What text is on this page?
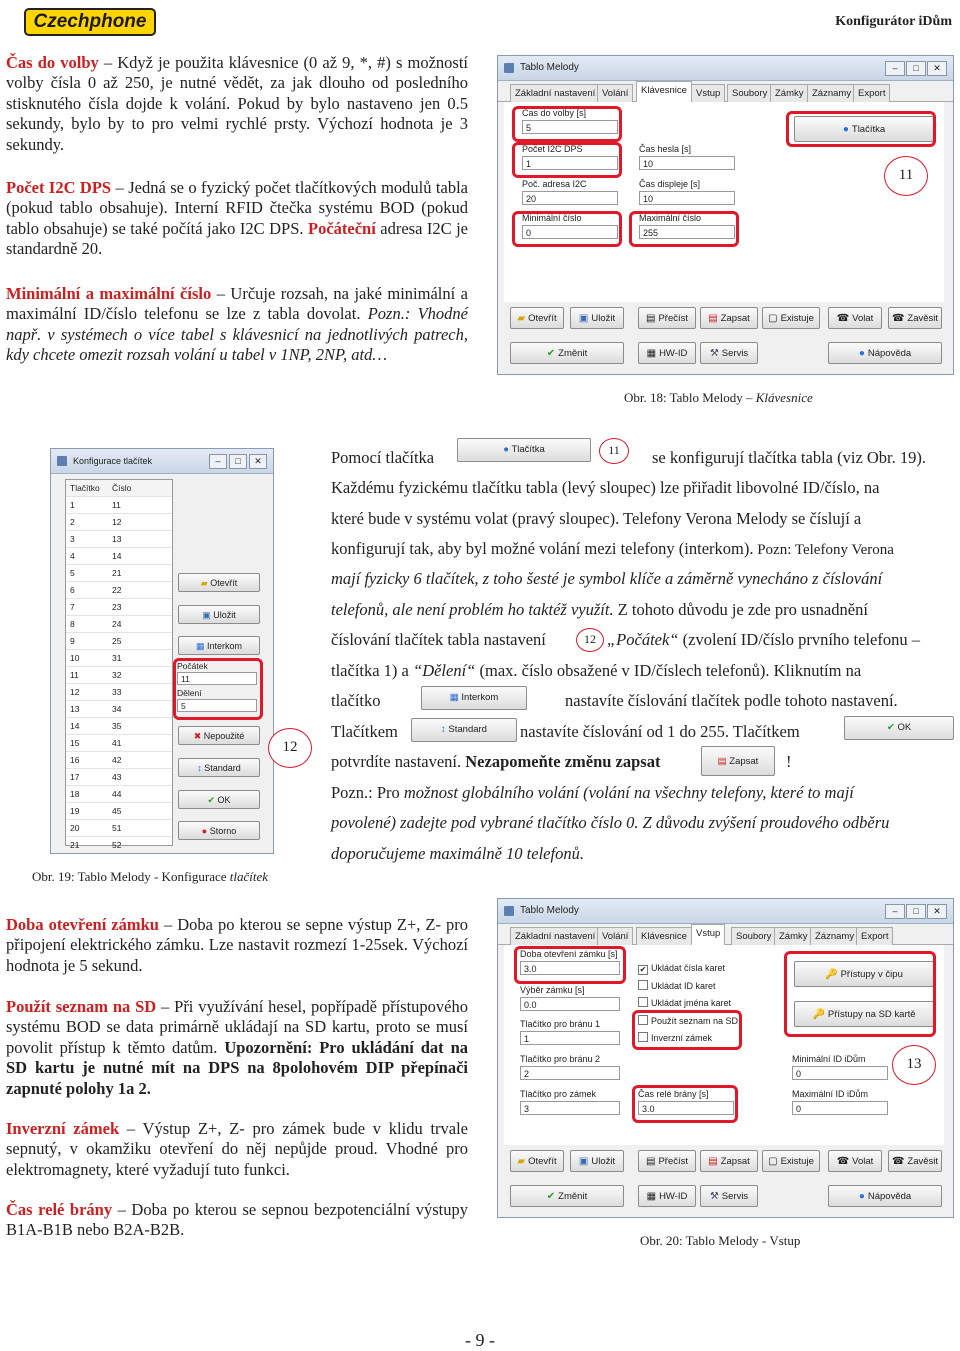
Czechphone	Konfigurátor iDům
Čas do volby – Když je použita klávesnice (0 až 9, *, #) s možností volby čísla 0 až 250, je nutné vědět, za jak dlouho od posledního stisknutého čísla dojde k volání. Pokud by bylo nastaveno jen 0.5 sekundy, bylo by to pro velmi rychlé prsty. Výchozí hodnota je 3 sekundy.
Počet I2C DPS – Jedná se o fyzický počet tlačítkových modulů tabla (pokud tablo obsahuje). Interní RFID čtečka systému BOD (pokud tablo obsahuje) se také počítá jako I2C DPS. Počáteční adresa I2C je standardně 20.
Minimální a maximální číslo – Určuje rozsah, na jaké minimální a maximální ID/číslo telefonu se lze z tabla dovolat. Pozn.: Vhodné např. v systémech o více tabel s klávesnicí na jednotlivých patrech, kdy chcete omezit rozsah volání u tabel v 1NP, 2NP, atd…
Tablo Melody	–	□	✕
Základní nastavení Volání	Klávesnice Vstup	Soubory Zámky Záznamy Export
Čas do volby [s]
5
Počet I2C DPS
1
Poč. adresa I2C
20
Minimální číslo
0
Čas hesla [s]
10
Čas displeje [s]
10
Maximální číslo
255
● Tlačítka
11
▰ Otevřít	▣ Uložit	▤ Přečíst	▤ Zapsat	▢ Existuje	☎ Volat	☎ Zavěsit
✔ Změnit	▦ HW-ID	⚒ Servis	● Nápověda
Obr. 18: Tablo Melody – Klávesnice
Konfigurace tlačítek	–	□	✕
Tlačítko Číslo
1	11
2	12
3	13
4	14
5	21
6	22
7	23
8	24
9	25
10	31
11	32
12	33
13	34
14	35
15	41
16	42
17	43
18	44
19	45
20	51
21	52
▰ Otevřít
▣ Uložit
▦ Interkom
Počátek
11
Dělení
5
✖ Nepoužité
↕ Standard
✔ OK
● Storno
12
Obr. 19: Tablo Melody - Konfigurace tlačítek
Pomocí tlačítka	● Tlačítka	11	se konfigurují tlačítka tabla (viz Obr. 19).
Každému fyzickému tlačítku tabla (levý sloupec) lze přiřadit libovolné ID/číslo, na
které bude v systému volat (pravý sloupec). Telefony Verona Melody se číslují a
konfigurují tak, aby byl možné volání mezi telefony (interkom). Pozn: Telefony Verona
mají fyzicky 6 tlačítek, z toho šesté je symbol klíče a záměrně vynecháno z číslování
telefonů, ale není problém ho taktéž využít. Z tohoto důvodu je zde pro usnadnění
číslování tlačítek tabla nastavení	12 „Počátek“ (zvolení ID/číslo prvního telefonu –
tlačítka 1) a “Dělení“ (max. číslo obsažené v ID/číslech telefonů). Kliknutím na
tlačítko	▦ Interkom	nastavíte číslování tlačítek podle tohoto nastavení.
Tlačítkem	↕ Standard	nastavíte číslování od 1 do 255. Tlačítkem	✔ OK
potvrdíte nastavení. Nezapomeňte změnu zapsat	▤ Zapsat	!
Pozn.: Pro možnost globálního volání (volání na všechny telefony, které to mají
povolené) zadejte pod vybrané tlačítko číslo 0. Z důvodu zvýšení proudového odběru
doporučujeme maximálně 10 telefonů.
Doba otevření zámku – Doba po kterou se sepne výstup Z+, Z- pro připojení elektrického zámku. Lze nastavit rozmezí 1-25sek. Výchozí hodnota je 5 sekund.
Použít seznam na SD – Při využívání hesel, popřípadě přístupového systému BOD se data primárně ukládají na SD kartu, proto se musí povolit přístup k těmto datům. Upozornění: Pro ukládání dat na SD kartu je nutné mít na DPS na 8polohovém DIP přepínači zapnuté polohy 1a 2.
Inverzní zámek – Výstup Z+, Z- pro zámek bude v klidu trvale sepnutý, v okamžiku otevření do něj nepůjde proud. Vhodné pro elektromagnety, které vyžadují tuto funkci.
Čas relé brány – Doba po kterou se sepnou bezpotenciální výstupy B1A-B1B nebo B2A-B2B.
Tablo Melody	–	□	✕
Základní nastavení Volání	Klávesnice Vstup	Soubory Zámky Záznamy Export
Doba otevření zámku [s]
3.0
Výběr zámku [s]
0.0
Tlačítko pro bránu 1
1
Tlačítko pro bránu 2
2
Tlačítko pro zámek
3
Čas relé brány [s]
3.0
Minimální ID iDům
0
Maximální ID iDům
0
✔ Ukládat čísla karet
Ukládat ID karet
Ukládat jména karet
Použít seznam na SD
Inverzní zámek
🔑 Přístupy v čipu
🔑 Přístupy na SD kartě
13
▰ Otevřít	▣ Uložit	▤ Přečíst	▤ Zapsat	▢ Existuje	☎ Volat	☎ Zavěsit
✔ Změnit	▦ HW-ID	⚒ Servis	● Nápověda
Obr. 20: Tablo Melody - Vstup
- 9 -
